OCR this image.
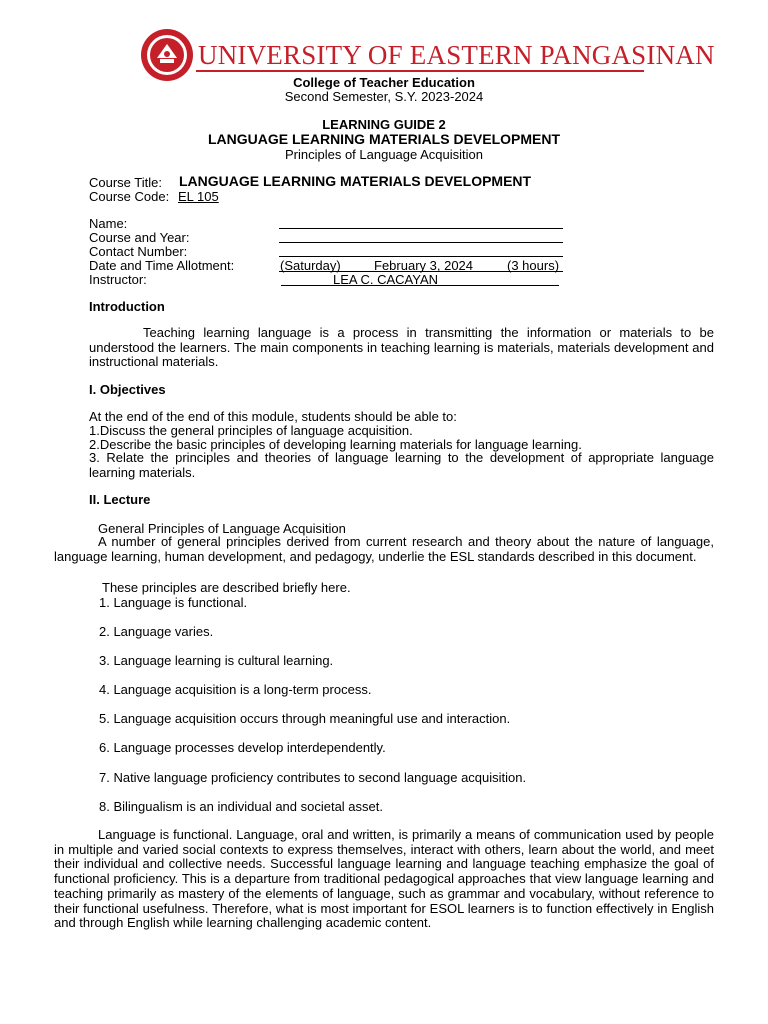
UNIVERSITY OF EASTERN PANGASINAN
College of Teacher Education
Second Semester, S.Y. 2023-2024
LEARNING GUIDE 2
LANGUAGE LEARNING MATERIALS DEVELOPMENT
Principles of Language Acquisition
Course Title: LANGUAGE LEARNING MATERIALS DEVELOPMENT
Course Code: EL 105
Name:
Course and Year:
Contact Number:
Date and Time Allotment:	(Saturday)	February 3, 2024	(3 hours)
Instructor:	LEA C. CACAYAN
Introduction
Teaching learning language is a process in transmitting the information or materials to be understood the learners. The main components in teaching learning is materials, materials development and instructional materials.
I. Objectives
At the end of the end of this module, students should be able to:
1.Discuss the general principles of language acquisition.
2.Describe the basic principles of developing learning materials for language learning.
3. Relate the principles and theories of language learning to the development of appropriate language learning materials.
II. Lecture
General Principles of Language Acquisition
A number of general principles derived from current research and theory about the nature of language, language learning, human development, and pedagogy, underlie the ESL standards described in this document.
These principles are described briefly here.
1. Language is functional.
2. Language varies.
3. Language learning is cultural learning.
4. Language acquisition is a long-term process.
5. Language acquisition occurs through meaningful use and interaction.
6. Language processes develop interdependently.
7. Native language proficiency contributes to second language acquisition.
8. Bilingualism is an individual and societal asset.
Language is functional. Language, oral and written, is primarily a means of communication used by people in multiple and varied social contexts to express themselves, interact with others, learn about the world, and meet their individual and collective needs. Successful language learning and language teaching emphasize the goal of functional proficiency. This is a departure from traditional pedagogical approaches that view language learning and teaching primarily as mastery of the elements of language, such as grammar and vocabulary, without reference to their functional usefulness. Therefore, what is most important for ESOL learners is to function effectively in English and through English while learning challenging academic content.
